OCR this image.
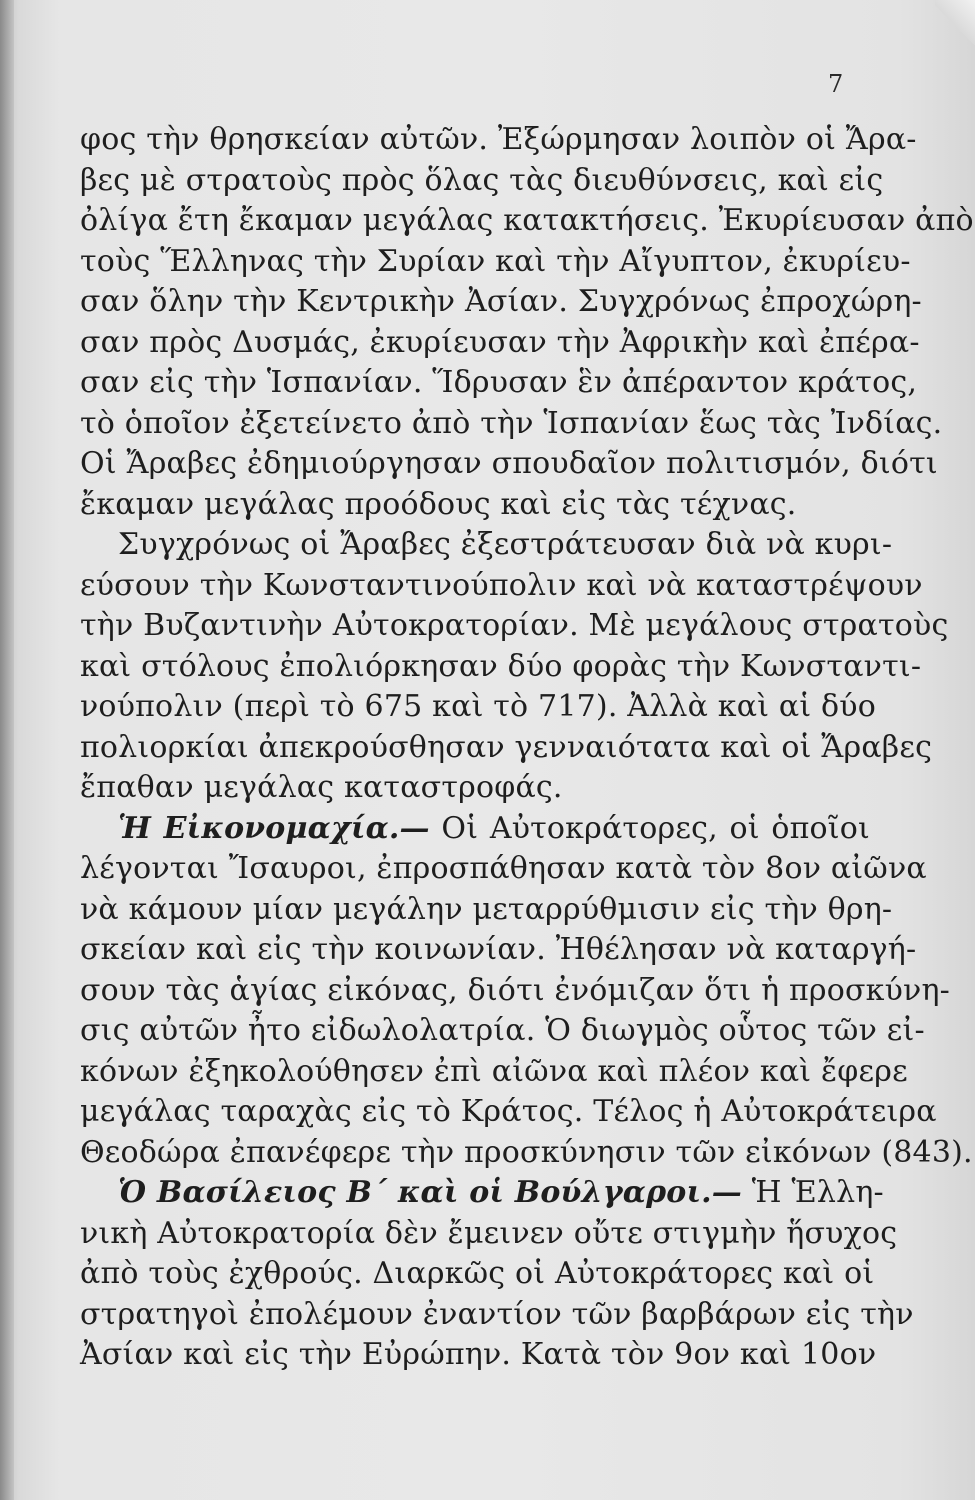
7
φος τὴν θρησκείαν αὐτῶν. Ἐξώρμησαν λοιπὸν οἱ Ἄρα-
βες μὲ στρατοὺς πρὸς ὅλας τὰς διευθύνσεις, καὶ εἰς
ὀλίγα ἔτη ἔκαμαν μεγάλας κατακτήσεις. Ἐκυρίευσαν ἀπὸ
τοὺς Ἕλληνας τὴν Συρίαν καὶ τὴν Αἴγυπτον, ἐκυρίευ-
σαν ὅλην τὴν Κεντρικὴν Ἀσίαν. Συγχρόνως ἐπροχώρη-
σαν πρὸς Δυσμάς, ἐκυρίευσαν τὴν Ἀφρικὴν καὶ ἐπέρα-
σαν εἰς τὴν Ἱσπανίαν. Ἵδρυσαν ἓν ἀπέραντον κράτος,
τὸ ὁποῖον ἐξετείνετο ἀπὸ τὴν Ἱσπανίαν ἕως τὰς Ἰνδίας.
Οἱ Ἄραβες ἐδημιούργησαν σπουδαῖον πολιτισμόν, διότι
ἔκαμαν μεγάλας προόδους καὶ εἰς τὰς τέχνας.
Συγχρόνως οἱ Ἄραβες ἐξεστράτευσαν διὰ νὰ κυρι-
εύσουν τὴν Κωνσταντινούπολιν καὶ νὰ καταστρέψουν
τὴν Βυζαντινὴν Αὐτοκρατορίαν. Μὲ μεγάλους στρατοὺς
καὶ στόλους ἐπολιόρκησαν δύο φορὰς τὴν Κωνσταντι-
νούπολιν (περὶ τὸ 675 καὶ τὸ 717). Ἀλλὰ καὶ αἱ δύο
πολιορκίαι ἀπεκρούσθησαν γενναιότατα καὶ οἱ Ἄραβες
ἔπαθαν μεγάλας καταστροφάς.
Ἡ Εἰκονομαχία.— Οἱ Αὐτοκράτορες, οἱ ὁποῖοι
λέγονται Ἴσαυροι, ἐπροσπάθησαν κατὰ τὸν 8ον αἰῶνα
νὰ κάμουν μίαν μεγάλην μεταρρύθμισιν εἰς τὴν θρη-
σκείαν καὶ εἰς τὴν κοινωνίαν. Ἠθέλησαν νὰ καταργή-
σουν τὰς ἁγίας εἰκόνας, διότι ἐνόμιζαν ὅτι ἡ προσκύνη-
σις αὐτῶν ἦτο εἰδωλολατρία. Ὁ διωγμὸς οὗτος τῶν εἰ-
κόνων ἐξηκολούθησεν ἐπὶ αἰῶνα καὶ πλέον καὶ ἔφερε
μεγάλας ταραχὰς εἰς τὸ Κράτος. Τέλος ἡ Αὐτοκράτειρα
Θεοδώρα ἐπανέφερε τὴν προσκύνησιν τῶν εἰκόνων (843).
Ὁ Βασίλειος Β΄ καὶ οἱ Βούλγαροι.— Ἡ Ἑλλη-
νικὴ Αὐτοκρατορία δὲν ἔμεινεν οὔτε στιγμὴν ἥσυχος
ἀπὸ τοὺς ἐχθρούς. Διαρκῶς οἱ Αὐτοκράτορες καὶ οἱ
στρατηγοὶ ἐπολέμουν ἐναντίον τῶν βαρβάρων εἰς τὴν
Ἀσίαν καὶ εἰς τὴν Εὐρώπην. Κατὰ τὸν 9ον καὶ 10ον
